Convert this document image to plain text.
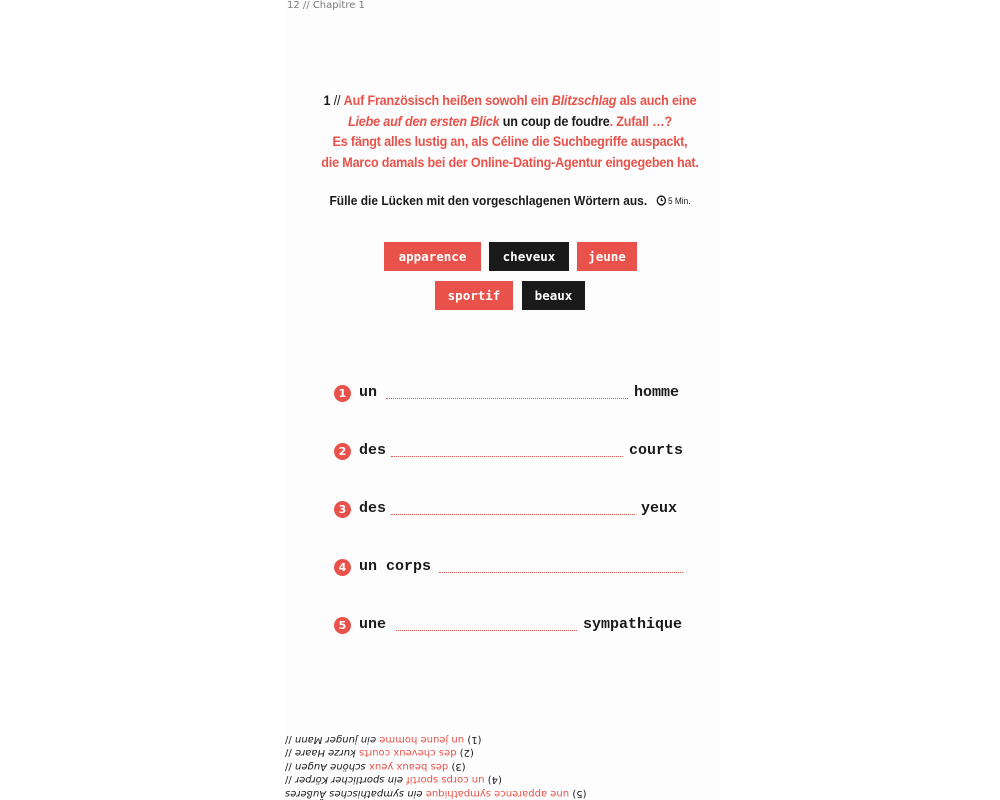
12 // Chapitre 1
1 // Auf Französisch heißen sowohl ein Blitzschlag als auch eine
Liebe auf den ersten Blick un coup de foudre. Zufall …?
Es fängt alles lustig an, als Céline die Suchbegriffe auspackt,
die Marco damals bei der Online-Dating-Agentur eingegeben hat.
Fülle die Lücken mit den vorgeschlagenen Wörtern aus. 5 Min.
apparence	cheveux	jeune
sportif	beaux
1 un	homme
2 des	courts
3 des	yeux
4 un corps
5 une	sympathique
(5) une apparence sympathique ein sympathisches Äußeres
(4) un corps sportif ein sportlicher Körper //
(3) des beaux yeux schöne Augen //
(2) des cheveux courts kurze Haare //
(1) un jeune homme ein junger Mann //
